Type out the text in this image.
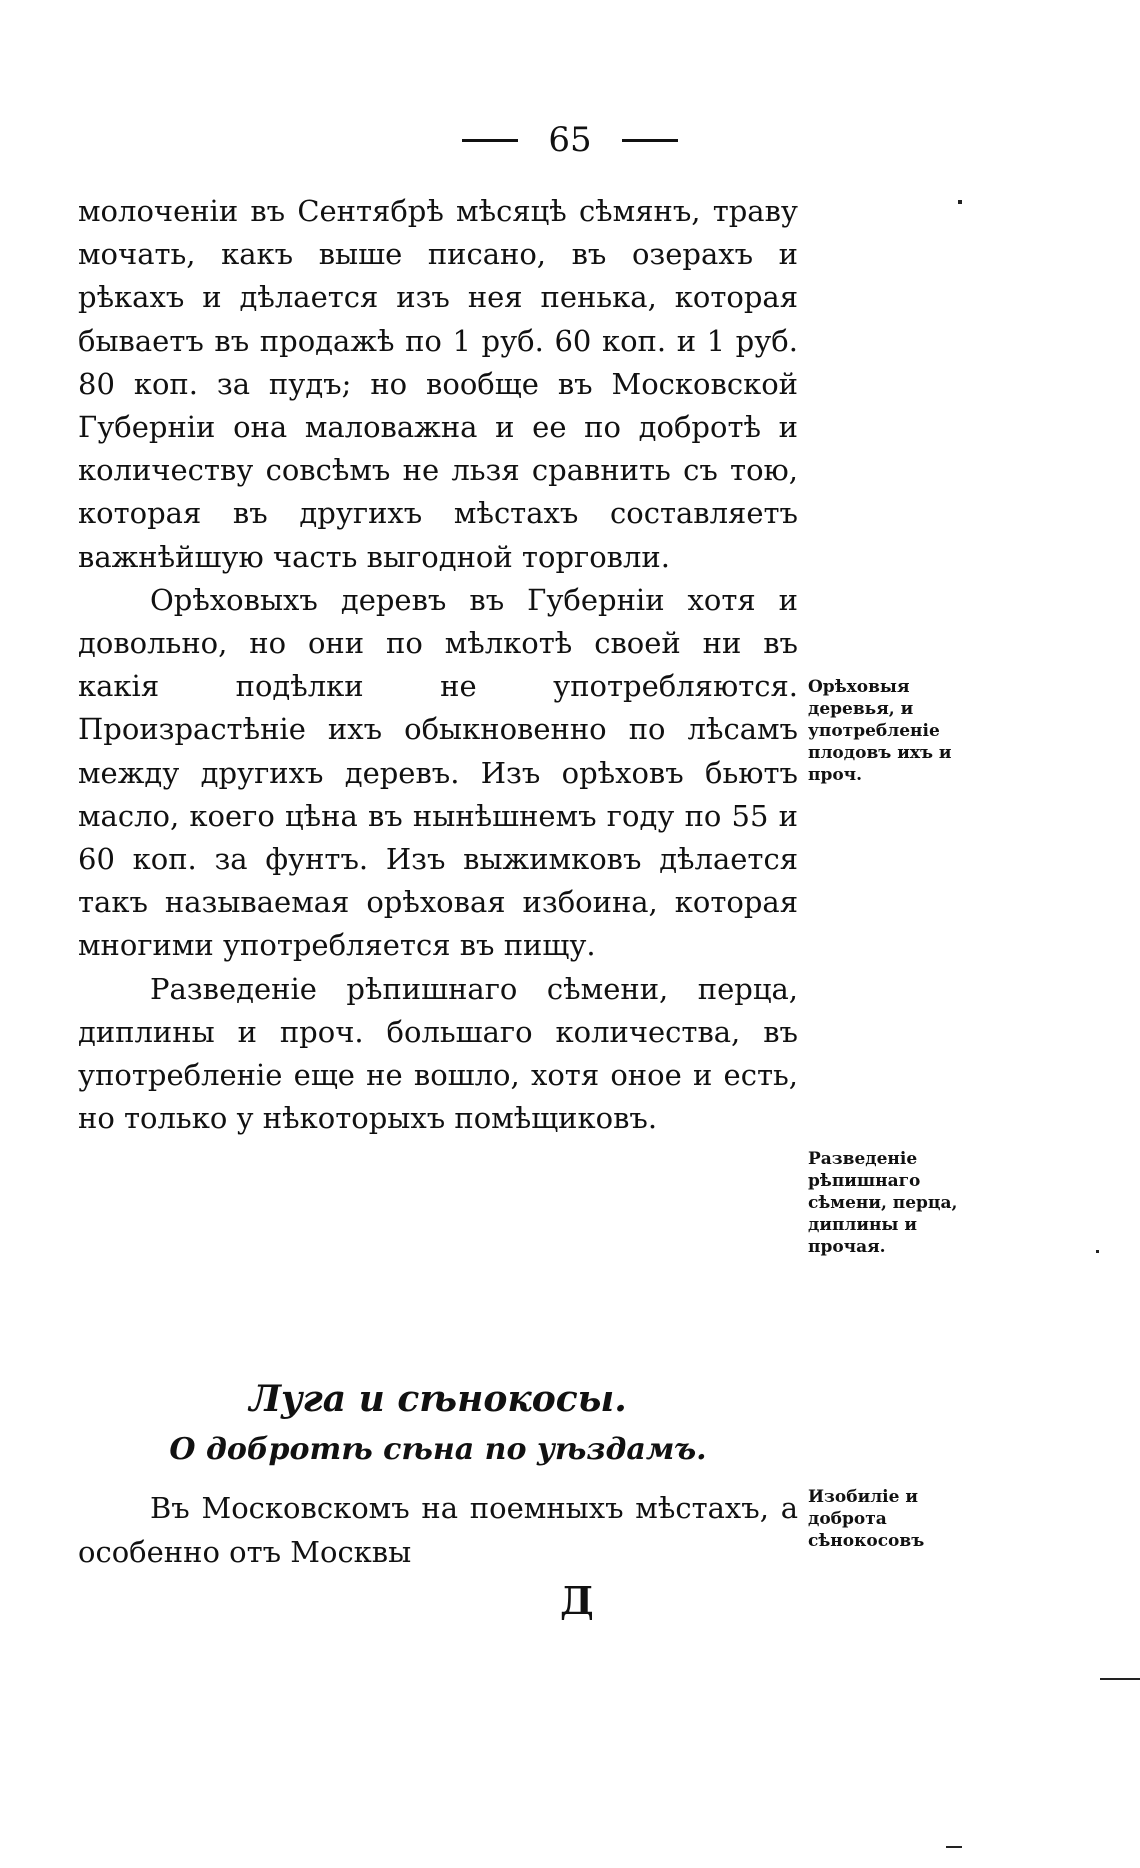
65

молоченіи въ Сентябрѣ мѣсяцѣ сѣмянъ, траву мочать, какъ выше писано, въ озерахъ и рѣкахъ и дѣлается изъ нея пенька, которая бываетъ въ продажѣ по 1 руб. 60 коп. и 1 руб. 80 коп. за пудъ; но вообще въ Московской Губерніи она маловажна и ее по добротѣ и количеству совсѣмъ не льзя сравнить съ тою, которая въ другихъ мѣстахъ составляетъ важнѣйшую часть выгодной торговли.

Орѣховыхъ деревъ въ Губерніи хотя и довольно, но они по мѣлкотѣ своей ни въ какія подѣлки не употребляются. Произрастѣніе ихъ обыкновенно по лѣсамъ между другихъ деревъ. Изъ орѣховъ бьютъ масло, коего цѣна въ нынѣшнемъ году по 55 и 60 коп. за фунтъ. Изъ выжимковъ дѣлается такъ называемая орѣховая избоина, которая многими употребляется въ пищу.

Разведеніе рѣпишнаго сѣмени, перца, диплины и проч. большаго количества, въ употребленіе еще не вошло, хотя оное и есть, но только у нѣкоторыхъ помѣщиковъ.

Луга и сѣнокосы.
О добротѣ сѣна по уѣздамъ.

Въ Московскомъ на поемныхъ мѣстахъ, а особенно отъ Москвы

Д
Орѣховыя деревья, и употребленіе плодовъ ихъ и проч.
Разведеніе рѣпишнаго сѣмени, перца, диплины и прочая.
Изобиліе и доброта сѣнокосовъ
